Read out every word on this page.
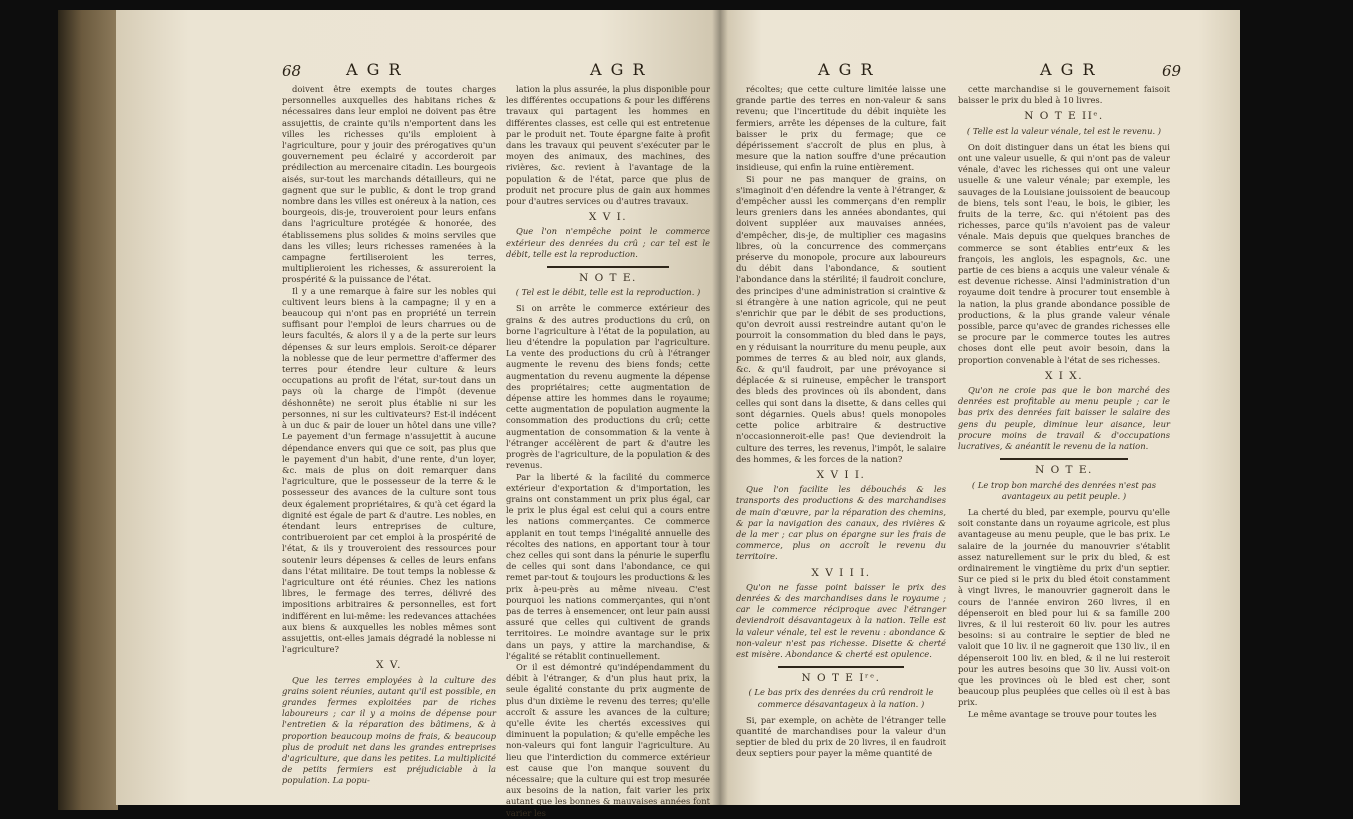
68	A G R	A G R	A G R	A G R	69

doivent être exempts de toutes charges personnelles auxquelles des habitans riches & nécessaires dans leur emploi ne doivent pas être assujettis, de crainte qu'ils n'emportent dans les villes les richesses qu'ils emploient à l'agriculture, pour y jouir des prérogatives qu'un gouvernement peu éclairé y accorderoit par prédilection au mercenaire citadin. Les bourgeois aisés, sur-tout les marchands détailleurs, qui ne gagnent que sur le public, & dont le trop grand nombre dans les villes est onéreux à la nation, ces bourgeois, dis-je, trouveroient pour leurs enfans dans l'agriculture protégée & honorée, des établissemens plus solides & moins serviles que dans les villes; leurs richesses ramenées à la campagne fertiliseroient les terres, multiplieroient les richesses, & assureroient la prospérité & la puissance de l'état.

Il y a une remarque à faire sur les nobles qui cultivent leurs biens à la campagne; il y en a beaucoup qui n'ont pas en propriété un terrein suffisant pour l'emploi de leurs charrues ou de leurs facultés, & alors il y a de la perte sur leurs dépenses & sur leurs emplois. Seroit-ce déparer la noblesse que de leur permettre d'affermer des terres pour étendre leur culture & leurs occupations au profit de l'état, sur-tout dans un pays où la charge de l'impôt (devenue déshonnête) ne seroit plus établie ni sur les personnes, ni sur les cultivateurs? Est-il indécent à un duc & pair de louer un hôtel dans une ville? Le payement d'un fermage n'assujettit à aucune dépendance envers qui que ce soit, pas plus que le payement d'un habit, d'une rente, d'un loyer, &c. mais de plus on doit remarquer dans l'agriculture, que le possesseur de la terre & le possesseur des avances de la culture sont tous deux également propriétaires, & qu'à cet égard la dignité est égale de part & d'autre. Les nobles, en étendant leurs entreprises de culture, contribueroient par cet emploi à la prospérité de l'état, & ils y trouveroient des ressources pour soutenir leurs dépenses & celles de leurs enfans dans l'état militaire. De tout temps la noblesse & l'agriculture ont été réunies. Chez les nations libres, le fermage des terres, délivré des impositions arbitraires & personnelles, est fort indifférent en lui-même: les redevances attachées aux biens & auxquelles les nobles mêmes sont assujettis, ont-elles jamais dégradé la noblesse ni l'agriculture?

X V.

Que les terres employées à la culture des grains soient réunies, autant qu'il est possible, en grandes fermes exploitées par de riches laboureurs ; car il y a moins de dépense pour l'entretien & la réparation des bâtimens, & à proportion beaucoup moins de frais, & beaucoup plus de produit net dans les grandes entreprises d'agriculture, que dans les petites. La multiplicité de petits fermiers est préjudiciable à la population. La popu-

lation la plus assurée, la plus disponible pour les différentes occupations & pour les différens travaux qui partagent les hommes en différentes classes, est celle qui est entretenue par le produit net. Toute épargne faite à profit dans les travaux qui peuvent s'exécuter par le moyen des animaux, des machines, des rivières, &c. revient à l'avantage de la population & de l'état, parce que plus de produit net procure plus de gain aux hommes pour d'autres services ou d'autres travaux.

X V I.

Que l'on n'empêche point le commerce extérieur des denrées du crû ; car tel est le débit, telle est la reproduction.

N O T E.

( Tel est le débit, telle est la reproduction. )

Si on arrête le commerce extérieur des grains & des autres productions du crû, on borne l'agriculture à l'état de la population, au lieu d'étendre la population par l'agriculture. La vente des productions du crû à l'étranger augmente le revenu des biens fonds; cette augmentation du revenu augmente la dépense des propriétaires; cette augmentation de dépense attire les hommes dans le royaume; cette augmentation de population augmente la consommation des productions du crû; cette augmentation de consommation & la vente à l'étranger accélèrent de part & d'autre les progrès de l'agriculture, de la population & des revenus.

Par la liberté & la facilité du commerce extérieur d'exportation & d'importation, les grains ont constamment un prix plus égal, car le prix le plus égal est celui qui a cours entre les nations commerçantes. Ce commerce applanit en tout temps l'inégalité annuelle des récoltes des nations, en apportant tour à tour chez celles qui sont dans la pénurie le superflu de celles qui sont dans l'abondance, ce qui remet par-tout & toujours les productions & les prix à-peu-près au même niveau. C'est pourquoi les nations commerçantes, qui n'ont pas de terres à ensemencer, ont leur pain aussi assuré que celles qui cultivent de grands territoires. Le moindre avantage sur le prix dans un pays, y attire la marchandise, & l'égalité se rétablit continuellement.

Or il est démontré qu'indépendamment du débit à l'étranger, & d'un plus haut prix, la seule égalité constante du prix augmente de plus d'un dixième le revenu des terres; qu'elle accroît & assure les avances de la culture; qu'elle évite les chertés excessives qui diminuent la population; & qu'elle empêche les non-valeurs qui font languir l'agriculture. Au lieu que l'interdiction du commerce extérieur est cause que l'on manque souvent du nécessaire; que la culture qui est trop mesurée aux besoins de la nation, fait varier les prix autant que les bonnes & mauvaises années font varier les

récoltes; que cette culture limitée laisse une grande partie des terres en non-valeur & sans revenu; que l'incertitude du débit inquiète les fermiers, arrête les dépenses de la culture, fait baisser le prix du fermage; que ce dépérissement s'accroît de plus en plus, à mesure que la nation souffre d'une précaution insidieuse, qui enfin la ruine entièrement.

Si pour ne pas manquer de grains, on s'imaginoit d'en défendre la vente à l'étranger, & d'empêcher aussi les commerçans d'en remplir leurs greniers dans les années abondantes, qui doivent suppléer aux mauvaises années, d'empêcher, dis-je, de multiplier ces magasins libres, où la concurrence des commerçans préserve du monopole, procure aux laboureurs du débit dans l'abondance, & soutient l'abondance dans la stérilité; il faudroit conclure, des principes d'une administration si craintive & si étrangère à une nation agricole, qui ne peut s'enrichir que par le débit de ses productions, qu'on devroit aussi restreindre autant qu'on le pourroit la consommation du bled dans le pays, en y réduisant la nourriture du menu peuple, aux pommes de terres & au bled noir, aux glands, &c. & qu'il faudroit, par une prévoyance si déplacée & si ruineuse, empêcher le transport des bleds des provinces où ils abondent, dans celles qui sont dans la disette, & dans celles qui sont dégarnies. Quels abus! quels monopoles cette police arbitraire & destructive n'occasionneroit-elle pas! Que deviendroit la culture des terres, les revenus, l'impôt, le salaire des hommes, & les forces de la nation?

X V I I.

Que l'on facilite les débouchés & les transports des productions & des marchandises de main d'œuvre, par la réparation des chemins, & par la navigation des canaux, des rivières & de la mer ; car plus on épargne sur les frais de commerce, plus on accroît le revenu du territoire.

X V I I I.

Qu'on ne fasse point baisser le prix des denrées & des marchandises dans le royaume ; car le commerce réciproque avec l'étranger deviendroit désavantageux à la nation. Telle est la valeur vénale, tel est le revenu : abondance & non-valeur n'est pas richesse. Disette & cherté est misère. Abondance & cherté est opulence.

N O T E Iʳᵉ.

( Le bas prix des denrées du crû rendroit le commerce désavantageux à la nation. )

Si, par exemple, on achète de l'étranger telle quantité de marchandises pour la valeur d'un septier de bled du prix de 20 livres, il en faudroit deux septiers pour payer la même quantité de

cette marchandise si le gouvernement faisoit baisser le prix du bled à 10 livres.

N O T E IIᵉ.

( Telle est la valeur vénale, tel est le revenu. )

On doit distinguer dans un état les biens qui ont une valeur usuelle, & qui n'ont pas de valeur vénale, d'avec les richesses qui ont une valeur usuelle & une valeur vénale; par exemple, les sauvages de la Louisiane jouissoient de beaucoup de biens, tels sont l'eau, le bois, le gibier, les fruits de la terre, &c. qui n'étoient pas des richesses, parce qu'ils n'avoient pas de valeur vénale. Mais depuis que quelques branches de commerce se sont établies entr'eux & les françois, les anglois, les espagnols, &c. une partie de ces biens a acquis une valeur vénale & est devenue richesse. Ainsi l'administration d'un royaume doit tendre à procurer tout ensemble à la nation, la plus grande abondance possible de productions, & la plus grande valeur vénale possible, parce qu'avec de grandes richesses elle se procure par le commerce toutes les autres choses dont elle peut avoir besoin, dans la proportion convenable à l'état de ses richesses.

X I X.

Qu'on ne croie pas que le bon marché des denrées est profitable au menu peuple ; car le bas prix des denrées fait baisser le salaire des gens du peuple, diminue leur aisance, leur procure moins de travail & d'occupations lucratives, & anéantit le revenu de la nation.

N O T E.

( Le trop bon marché des denrées n'est pas avantageux au petit peuple. )

La cherté du bled, par exemple, pourvu qu'elle soit constante dans un royaume agricole, est plus avantageuse au menu peuple, que le bas prix. Le salaire de la journée du manouvrier s'établit assez naturellement sur le prix du bled, & est ordinairement le vingtième du prix d'un septier. Sur ce pied si le prix du bled étoit constamment à vingt livres, le manouvrier gagneroit dans le cours de l'année environ 260 livres, il en dépenseroit en bled pour lui & sa famille 200 livres, & il lui resteroit 60 liv. pour les autres besoins: si au contraire le septier de bled ne valoit que 10 liv. il ne gagneroit que 130 liv., il en dépenseroit 100 liv. en bled, & il ne lui resteroit pour les autres besoins que 30 liv. Aussi voit-on que les provinces où le bled est cher, sont beaucoup plus peuplées que celles où il est à bas prix.

Le même avantage se trouve pour toutes les
